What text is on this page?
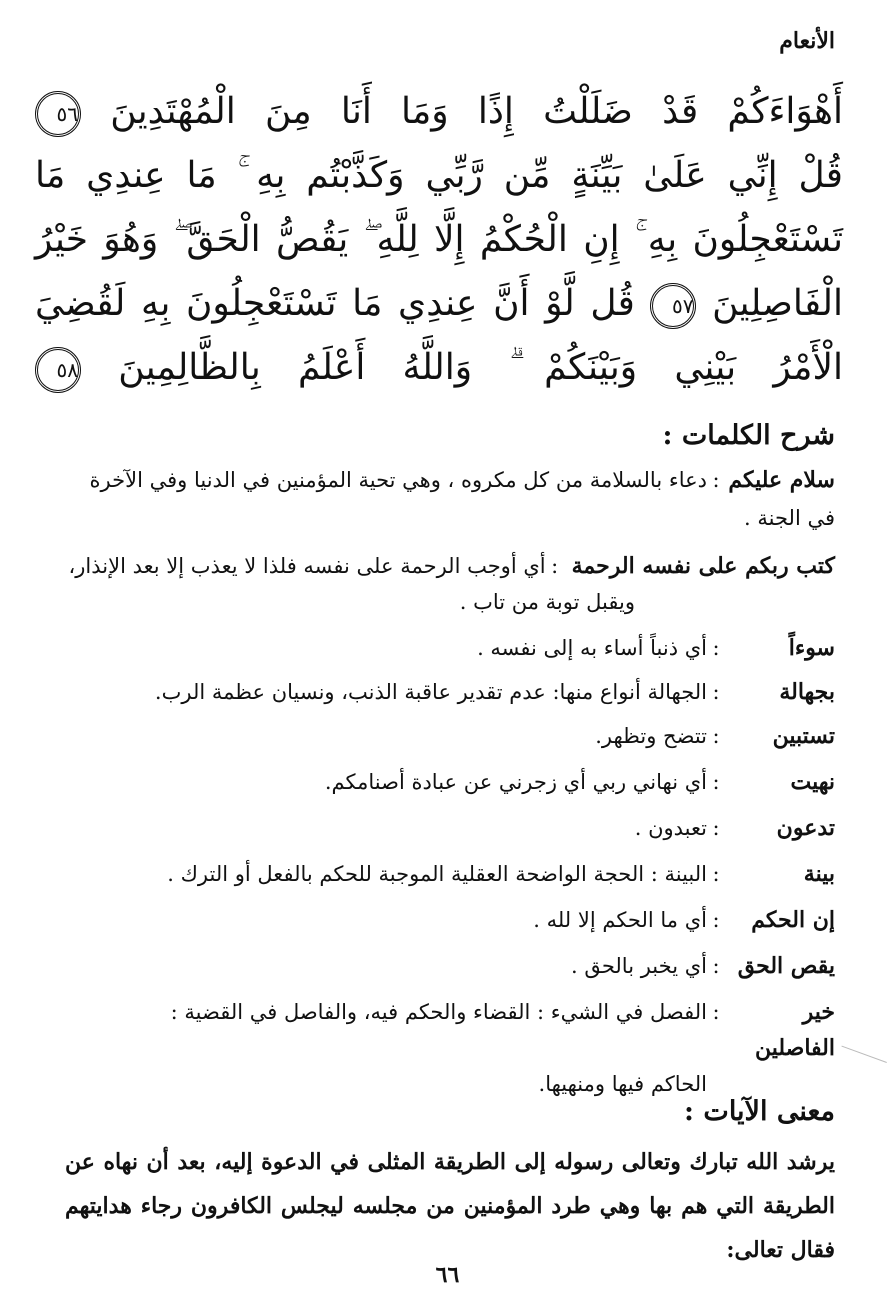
الأنعام
أَهْوَاءَكُمْ قَدْ ضَلَلْتُ إِذًا وَمَا أَنَا مِنَ الْمُهْتَدِينَ ٥٦
قُلْ إِنِّي عَلَىٰ بَيِّنَةٍ مِّن رَّبِّي وَكَذَّبْتُم بِهِ ۚ مَا عِندِي مَا
تَسْتَعْجِلُونَ بِهِ ۚ إِنِ الْحُكْمُ إِلَّا لِلَّهِ ۖ يَقُصُّ الْحَقَّ ۖ وَهُوَ خَيْرُ
الْفَاصِلِينَ ٥٧ قُل لَّوْ أَنَّ عِندِي مَا تَسْتَعْجِلُونَ بِهِ لَقُضِيَ
الْأَمْرُ بَيْنِي وَبَيْنَكُمْ ۗ وَاللَّهُ أَعْلَمُ بِالظَّالِمِينَ ٥٨
شرح الكلمات :
سلام عليكم
:
دعاء بالسلامة من كل مكروه ، وهي تحية المؤمنين في الدنيا وفي الآخرة
في الجنة .
كتب ربكم على نفسه الرحمة
:
أي أوجب الرحمة على نفسه فلذا لا يعذب إلا بعد الإنذار،
ويقبل توبة من تاب .
سوءاً
:
أي ذنباً أساء به إلى نفسه .
بجهالة
:
الجهالة أنواع منها: عدم تقدير عاقبة الذنب، ونسيان عظمة الرب.
تستبين
:
تتضح وتظهر.
نهيت
:
أي نهاني ربي أي زجرني عن عبادة أصنامكم.
تدعون
:
تعبدون .
بينة
:
البينة : الحجة الواضحة العقلية الموجبة للحكم بالفعل أو الترك .
إن الحكم
:
أي ما الحكم إلا لله .
يقص الحق
:
أي يخبر بالحق .
خير الفاصلين
:
الفصل في الشيء : القضاء والحكم فيه، والفاصل في القضية :
الحاكم فيها ومنهيها.
معنى الآيات :
يرشد الله تبارك وتعالى رسوله إلى الطريقة المثلى في الدعوة إليه، بعد أن نهاه عن الطريقة التي هم بها وهي طرد المؤمنين من مجلسه ليجلس الكافرون رجاء هدايتهم فقال تعالى:
٦٦
